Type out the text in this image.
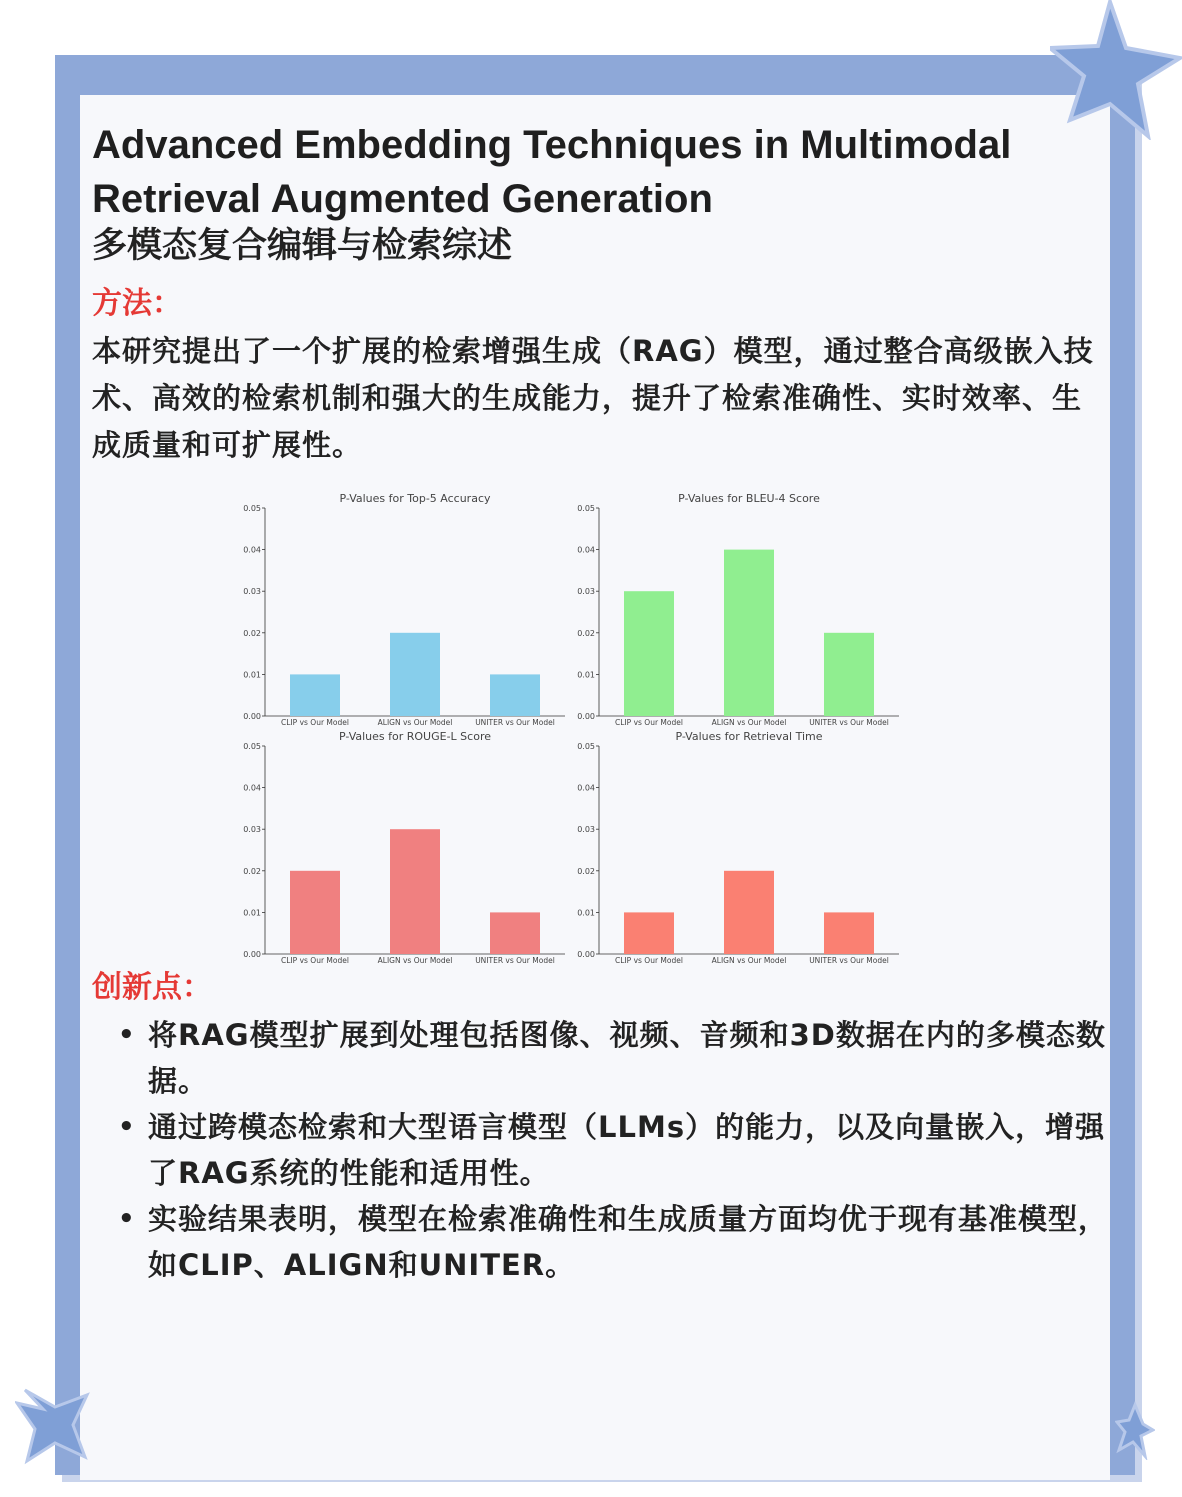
Advanced Embedding Techniques in Multimodal Retrieval Augmented Generation
多模态复合编辑与检索综述

方法：

本研究提出了一个扩展的检索增强生成（RAG）模型，通过整合高级嵌入技术、高效的检索机制和强大的生成能力，提升了检索准确性、实时效率、生成质量和可扩展性。

P-Values for Top-5 Accuracy
0.00
0.01
0.02
0.03
0.04
0.05
CLIP vs Our Model	ALIGN vs Our Model	UNITER vs Our Model
P-Values for BLEU-4 Score
0.00
0.01
0.02
0.03
0.04
0.05
CLIP vs Our Model	ALIGN vs Our Model	UNITER vs Our Model
P-Values for ROUGE-L Score
0.00
0.01
0.02
0.03
0.04
0.05
CLIP vs Our Model	ALIGN vs Our Model	UNITER vs Our Model
P-Values for Retrieval Time
0.00
0.01
0.02
0.03
0.04
0.05
CLIP vs Our Model	ALIGN vs Our Model	UNITER vs Our Model

创新点：

• 将RAG模型扩展到处理包括图像、视频、音频和3D数据在内的多模态数据。
• 通过跨模态检索和大型语言模型（LLMs）的能力，以及向量嵌入，增强了RAG系统的性能和适用性。
• 实验结果表明，模型在检索准确性和生成质量方面均优于现有基准模型，如CLIP、ALIGN和UNITER。
